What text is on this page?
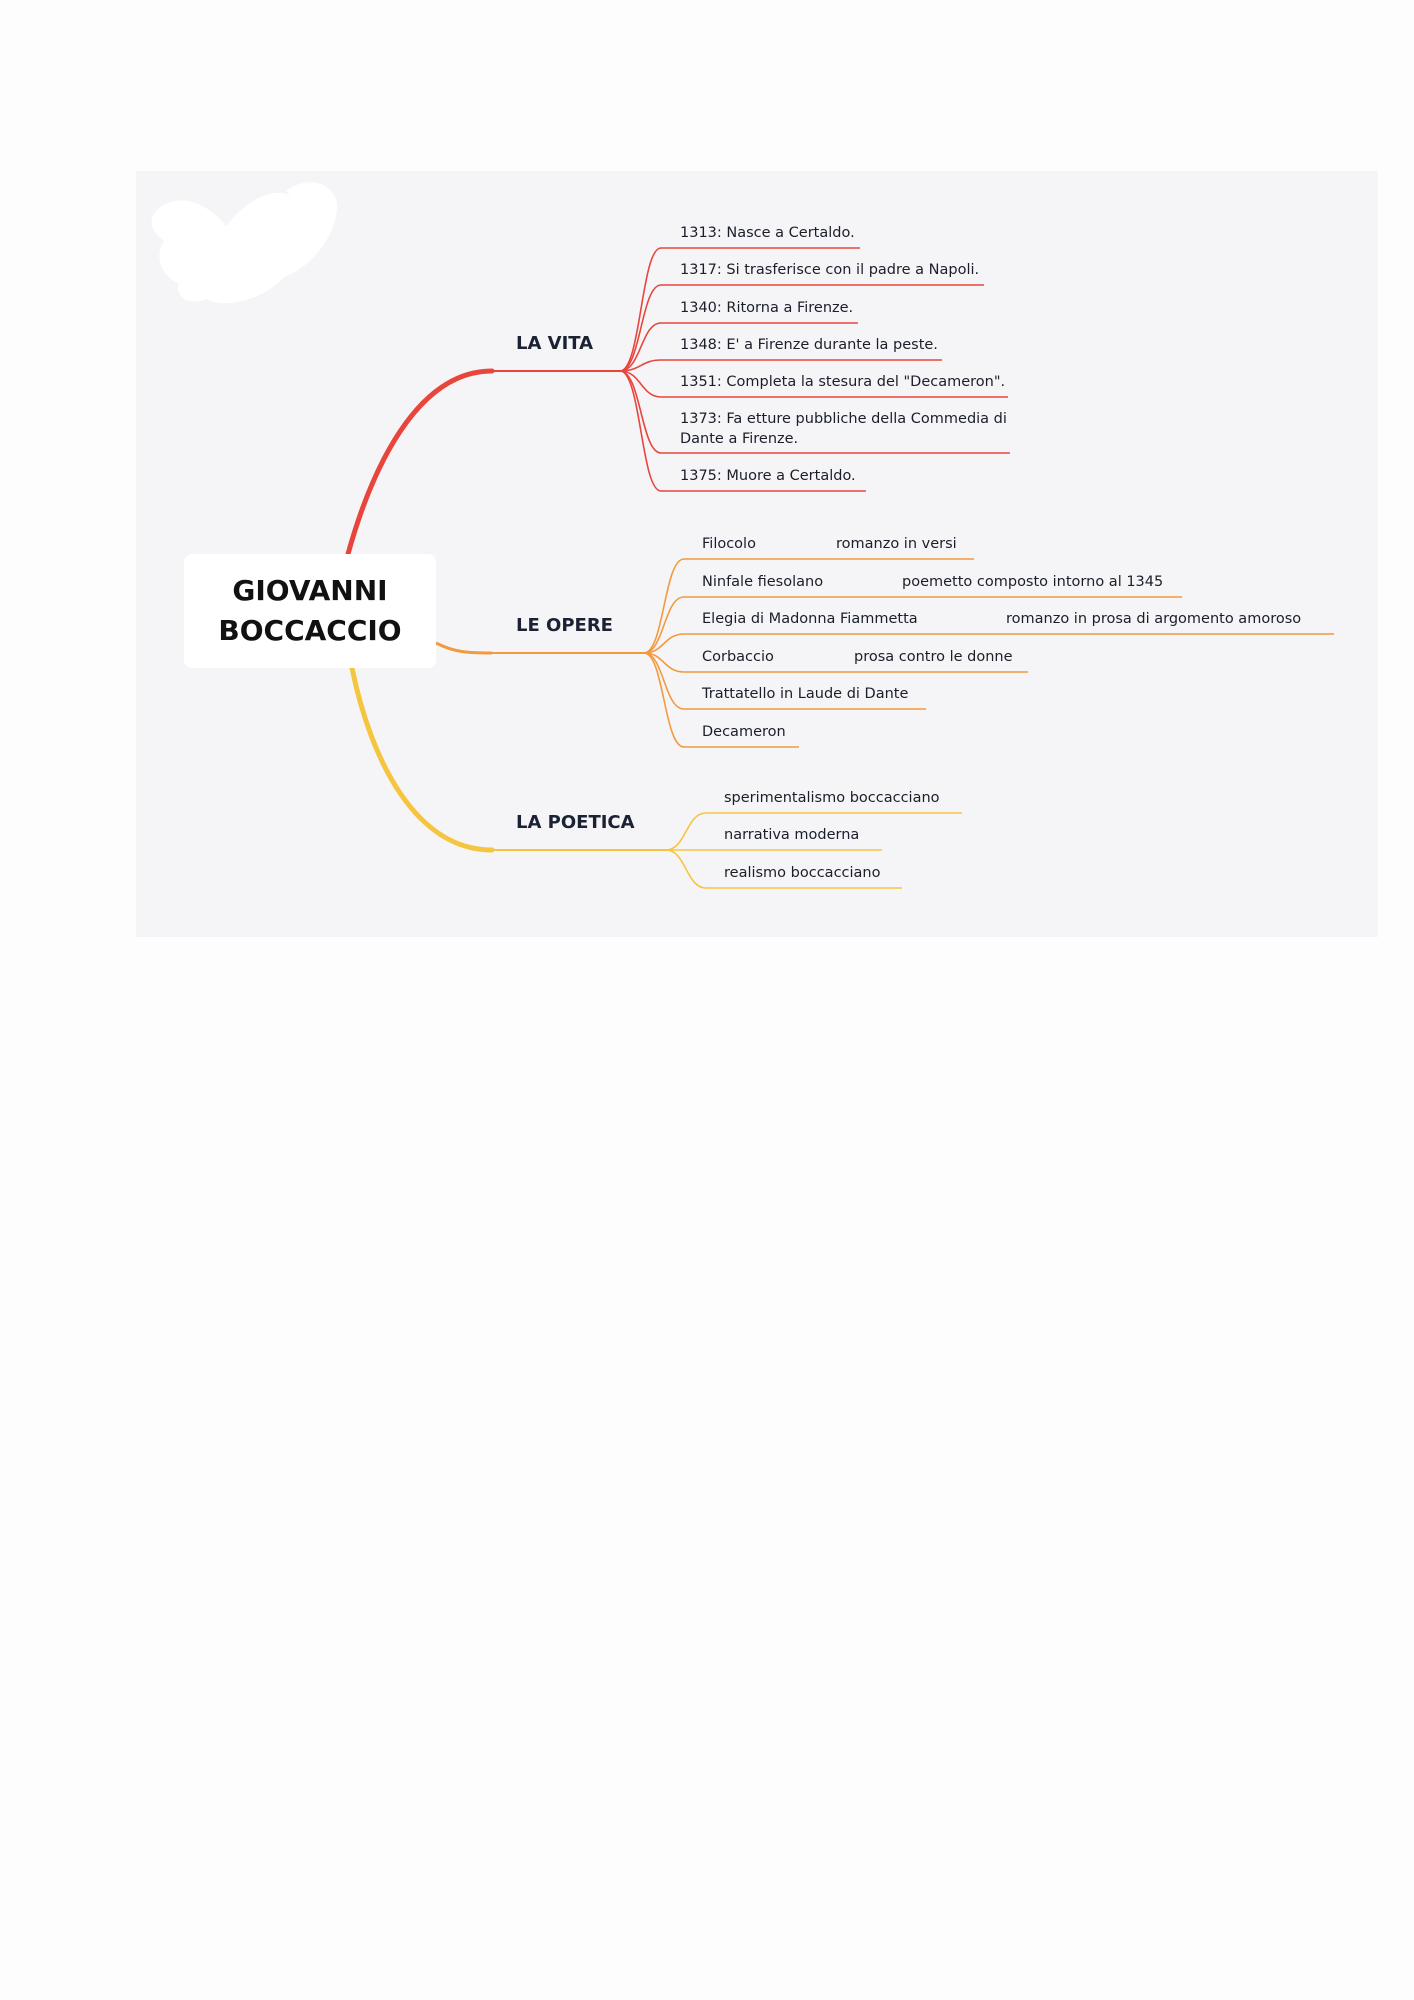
GIOVANNI
BOCCACCIO
LA VITA
LE OPERE
LA POETICA
1313: Nasce a Certaldo.
1317: Si trasferisce con il padre a Napoli.
1340: Ritorna a Firenze.
1348: E' a Firenze durante la peste.
1351: Completa la stesura del "Decameron".
1373: Fa etture pubbliche della Commedia di Dante a Firenze.
1375: Muore a Certaldo.
Filocolo	romanzo in versi
Ninfale fiesolano	poemetto composto intorno al 1345
Elegia di Madonna Fiammetta	romanzo in prosa di argomento amoroso
Corbaccio	prosa contro le donne
Trattatello in Laude di Dante
Decameron
sperimentalismo boccacciano
narrativa moderna
realismo boccacciano
